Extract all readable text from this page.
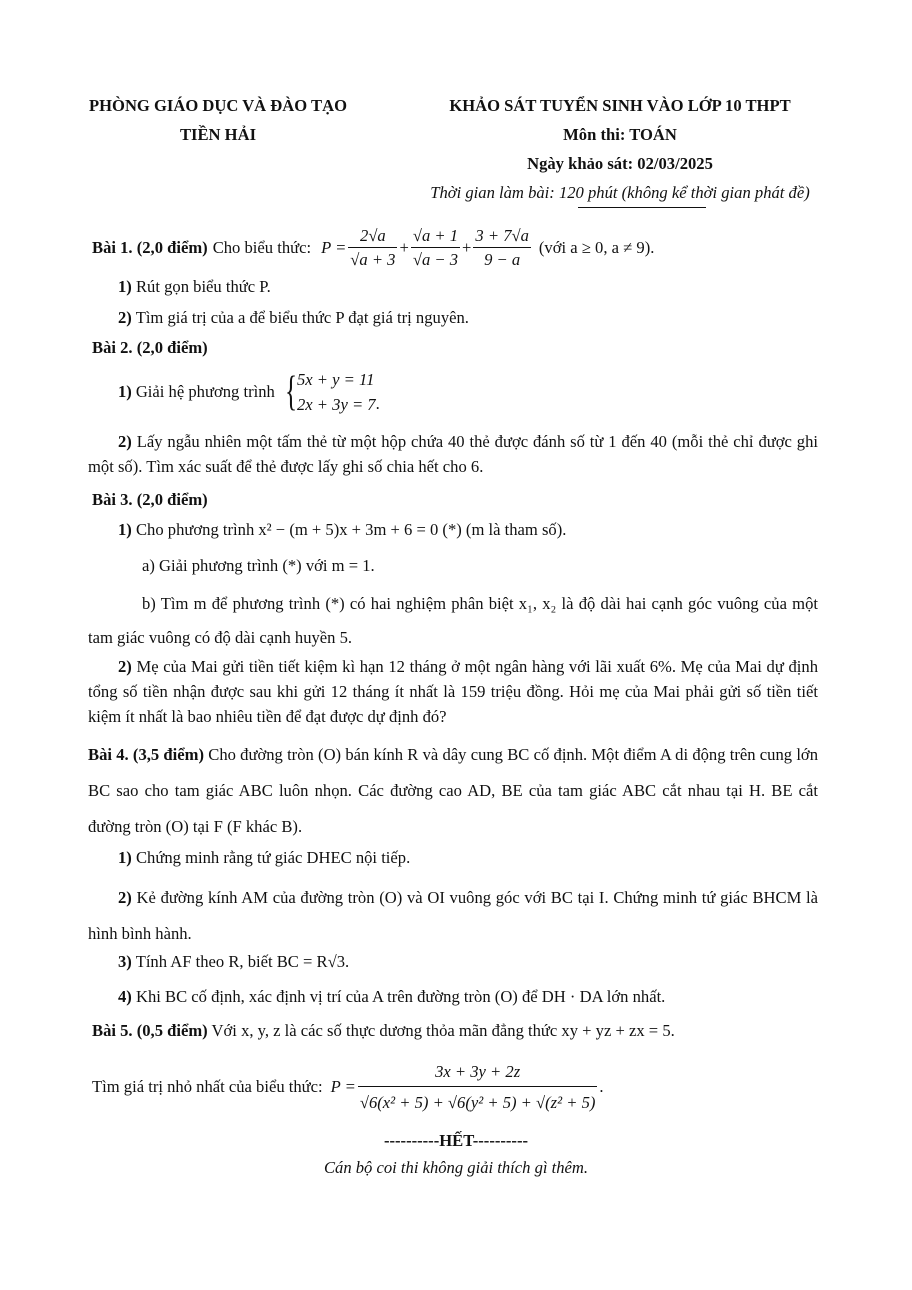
PHÒNG GIÁO DỤC VÀ ĐÀO TẠO
TIỀN HẢI
KHẢO SÁT TUYỂN SINH VÀO LỚP 10 THPT
Môn thi: TOÁN
Ngày khảo sát: 02/03/2025
Thời gian làm bài: 120 phút (không kể thời gian phát đề)
Bài 1. (2,0 điểm) Cho biểu thức: $P = \frac{2√a}{√a + 3} + \frac{√a + 1}{√a - 3} + \frac{3 + 7√a}{9 - a}$ (với a ≥ 0, a ≠ 9).
1) Rút gọn biểu thức P.
2) Tìm giá trị của a để biểu thức P đạt giá trị nguyên.
Bài 2. (2,0 điểm)
1) Giải hệ phương trình { 5x + y = 11
2x + 3y = 7 .
2) Lấy ngẫu nhiên một tấm thẻ từ một hộp chứa 40 thẻ được đánh số từ 1 đến 40 (mỗi thẻ chỉ được ghi một số). Tìm xác suất để thẻ được lấy ghi số chia hết cho 6.
Bài 3. (2,0 điểm)
1) Cho phương trình x² − (m + 5)x + 3m + 6 = 0 (*) (m là tham số).
a) Giải phương trình (*) với m = 1.
b) Tìm m để phương trình (*) có hai nghiệm phân biệt x₁, x₂ là độ dài hai cạnh góc vuông của một tam giác vuông có độ dài cạnh huyền 5.
2) Mẹ của Mai gửi tiền tiết kiệm kì hạn 12 tháng ở một ngân hàng với lãi xuất 6%. Mẹ của Mai dự định tổng số tiền nhận được sau khi gửi 12 tháng ít nhất là 159 triệu đồng. Hỏi mẹ của Mai phải gửi số tiền tiết kiệm ít nhất là bao nhiêu tiền để đạt được dự định đó?
Bài 4. (3,5 điểm) Cho đường tròn (O) bán kính R và dây cung BC cố định. Một điểm A di động trên cung lớn BC sao cho tam giác ABC luôn nhọn. Các đường cao AD, BE của tam giác ABC cắt nhau tại H. BE cắt đường tròn (O) tại F (F khác B).
1) Chứng minh rằng tứ giác DHEC nội tiếp.
2) Kẻ đường kính AM của đường tròn (O) và OI vuông góc với BC tại I. Chứng minh tứ giác BHCM là hình bình hành.
3) Tính AF theo R, biết BC = R√3.
4) Khi BC cố định, xác định vị trí của A trên đường tròn (O) để DH · DA lớn nhất.
Bài 5. (0,5 điểm) Với x, y, z là các số thực dương thỏa mãn đẳng thức xy + yz + zx = 5.
Tìm giá trị nhỏ nhất của biểu thức: $P = \frac{3x + 3y + 2z}{\text{√6(x² + 5) + √6(y² + 5) + √(z² + 5)}}$ .
----------HẾT----------
Cán bộ coi thi không giải thích gì thêm.
